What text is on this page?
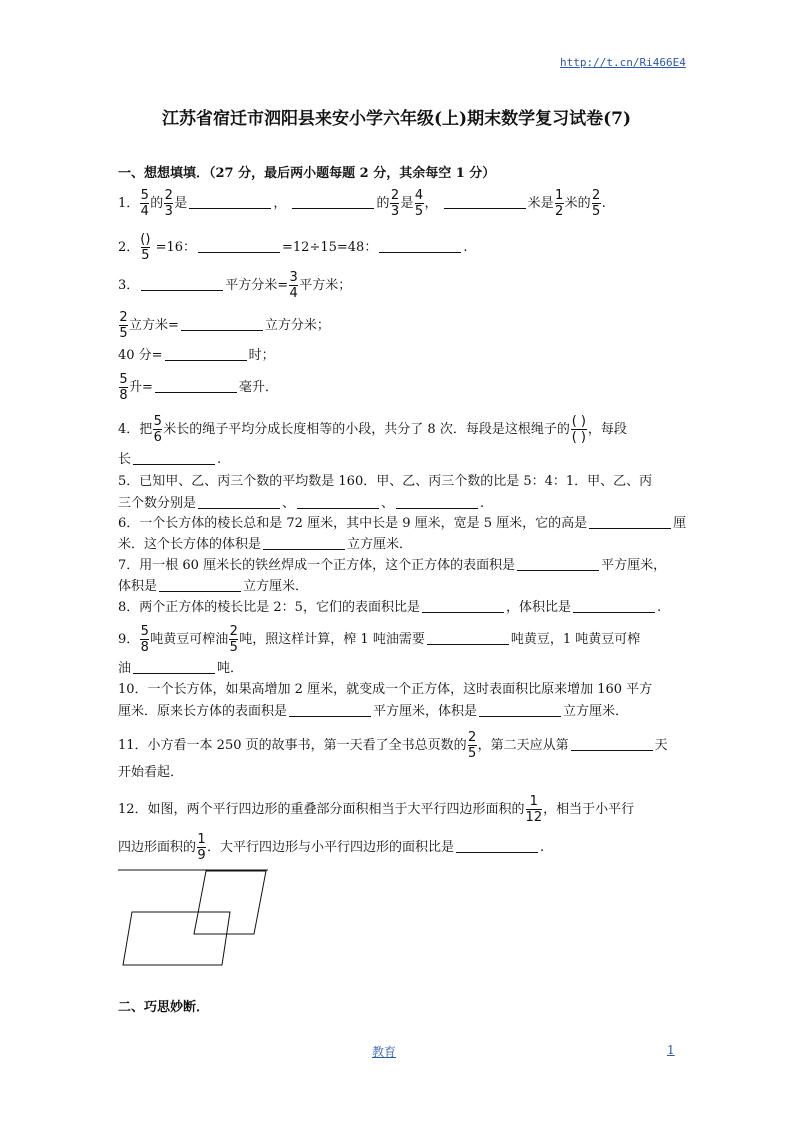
http://t.cn/Ri466E4
江苏省宿迁市泗阳县来安小学六年级(上)期末数学复习试卷(7)
一、想想填填．（27 分，最后两小题每题 2 分，其余每空 1 分）
1． $\frac{5}{4}$ 的 $\frac{2}{3}$ 是	，	的 $\frac{2}{3}$ 是 $\frac{4}{5}$ ，	米是 $\frac{1}{2}$ 米的 $\frac{2}{5}$ .
2． $\frac{()}{5} =16$：	=12÷15=48：	.
3．	平方分米= $\frac{3}{4}$ 平方米；
$\frac{2}{5}$ 立方米=	立方分米；
40 分=	时；
$\frac{5}{8}$ 升=	毫升．
4．把 $\frac{5}{6}$ 米长的绳子平均分成长度相等的小段，共分了 8 次．每段是这根绳子的 $\frac{( )}{( )}$ ，每段
长	.
5．已知甲、乙、丙三个数的平均数是 160．甲、乙、丙三个数的比是 5：4：1．甲、乙、丙
三个数分别是	、	、	.
6．一个长方体的棱长总和是 72 厘米，其中长是 9 厘米，宽是 5 厘米，它的高是	厘
米．这个长方体的体积是	立方厘米．
7．用一根 60 厘米长的铁丝焊成一个正方体，这个正方体的表面积是	平方厘米，
体积是	立方厘米．
8．两个正方体的棱长比是 2：5，它们的表面积比是	，体积比是	.
9． $\frac{5}{8}$ 吨黄豆可榨油 $\frac{2}{5}$ 吨，照这样计算，榨 1 吨油需要	吨黄豆，1 吨黄豆可榨
油	吨．
10．一个长方体，如果高增加 2 厘米，就变成一个正方体，这时表面积比原来增加 160 平方
厘米．原来长方体的表面积是	平方厘米，体积是	立方厘米．
11．小方看一本 250 页的故事书，第一天看了全书总页数的 $\frac{2}{5}$ ，第二天应从第	天
开始看起．
12．如图，两个平行四边形的重叠部分面积相当于大平行四边形面积的 $\frac{1}{12}$ ，相当于小平行
四边形面积的 $\frac{1}{9}$ ．大平行四边形与小平行四边形的面积比是	.
二、巧思妙断．
教育	1
